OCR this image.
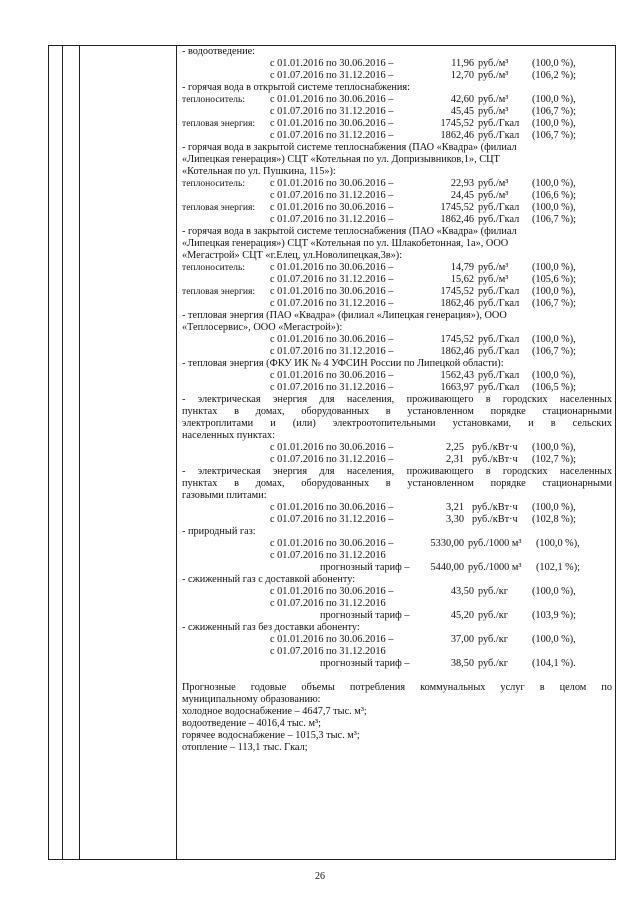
- водоотведение:
с 01.01.2016 по 30.06.2016 –	11,96 руб./м³ (100,0 %),
с 01.07.2016 по 31.12.2016 –	12,70 руб./м³ (106,2 %);
- горячая вода в открытой системе теплоснабжения:
теплоноситель: с 01.01.2016 по 30.06.2016 –	42,60 руб./м³ (100,0 %),
с 01.07.2016 по 31.12.2016 –	45,45 руб./м³ (106,7 %);
тепловая энергия: с 01.01.2016 по 30.06.2016 –	1745,52 руб./Гкал (100,0 %),
с 01.07.2016 по 31.12.2016 –	1862,46 руб./Гкал (106,7 %);
- горячая вода в закрытой системе теплоснабжения (ПАО «Квадра» (филиал
«Липецкая генерация») СЦТ «Котельная по ул. Допризывников,1», СЦТ
«Котельная по ул. Пушкина, 115»):
теплоноситель: с 01.01.2016 по 30.06.2016 –	22,93 руб./м³ (100,0 %),
с 01.07.2016 по 31.12.2016 –	24,45 руб./м³ (106,6 %);
тепловая энергия: с 01.01.2016 по 30.06.2016 –	1745,52 руб./Гкал (100,0 %),
с 01.07.2016 по 31.12.2016 –	1862,46 руб./Гкал (106,7 %);
- горячая вода в закрытой системе теплоснабжения (ПАО «Квадра» (филиал
«Липецкая генерация») СЦТ «Котельная по ул. Шлакобетонная, 1а», ООО
«Мегастрой» СЦТ «г.Елец, ул.Новолипецкая,3в»):
теплоноситель: с 01.01.2016 по 30.06.2016 –	14,79 руб./м³ (100,0 %),
с 01.07.2016 по 31.12.2016 –	15,62 руб./м³ (105,6 %);
тепловая энергия: с 01.01.2016 по 30.06.2016 –	1745,52 руб./Гкал (100,0 %),
с 01.07.2016 по 31.12.2016 –	1862,46 руб./Гкал (106,7 %);
- тепловая энергия (ПАО «Квадра» (филиал «Липецкая генерация»), ООО
«Теплосервис», ООО «Мегастрой»):
с 01.01.2016 по 30.06.2016 –	1745,52 руб./Гкал (100,0 %),
с 01.07.2016 по 31.12.2016 –	1862,46 руб./Гкал (106,7 %);
- тепловая энергия (ФКУ ИК № 4 УФСИН России по Липецкой области):
с 01.01.2016 по 30.06.2016 –	1562,43 руб./Гкал (100,0 %),
с 01.07.2016 по 31.12.2016 –	1663,97 руб./Гкал (106,5 %);
- электрическая энергия для населения, проживающего в городских населенных
пунктах в домах, оборудованных в установленном порядке стационарными
электроплитами и (или) электроотопительными установками, и в сельских
населенных пунктах:
с 01.01.2016 по 30.06.2016 –	2,25 руб./кВт·ч (100,0 %),
с 01.07.2016 по 31.12.2016 –	2,31 руб./кВт·ч (102,7 %);
- электрическая энергия для населения, проживающего в городских населенных
пунктах в домах, оборудованных в установленном порядке стационарными
газовыми плитами:
с 01.01.2016 по 30.06.2016 –	3,21 руб./кВт·ч (100,0 %),
с 01.07.2016 по 31.12.2016 –	3,30 руб./кВт·ч (102,8 %);
- природный газ:
с 01.01.2016 по 30.06.2016 –	5330,00 руб./1000 м³ (100,0 %),
с 01.07.2016 по 31.12.2016
прогнозный тариф –	5440,00 руб./1000 м³ (102,1 %);
- сжиженный газ с доставкой абоненту:
с 01.01.2016 по 30.06.2016 –	43,50 руб./кг (100,0 %),
с 01.07.2016 по 31.12.2016
прогнозный тариф –	45,20 руб./кг (103,9 %);
- сжиженный газ без доставки абоненту:
с 01.01.2016 по 30.06.2016 –	37,00 руб./кг (100,0 %),
с 01.07.2016 по 31.12.2016
прогнозный тариф –	38,50 руб./кг (104,1 %).
Прогнозные годовые объемы потребления коммунальных услуг в целом по
муниципальному образованию:
холодное водоснабжение – 4647,7 тыс. м³;
водоотведение – 4016,4 тыс. м³;
горячее водоснабжение – 1015,3 тыс. м³;
отопление – 113,1 тыс. Гкал;
26
